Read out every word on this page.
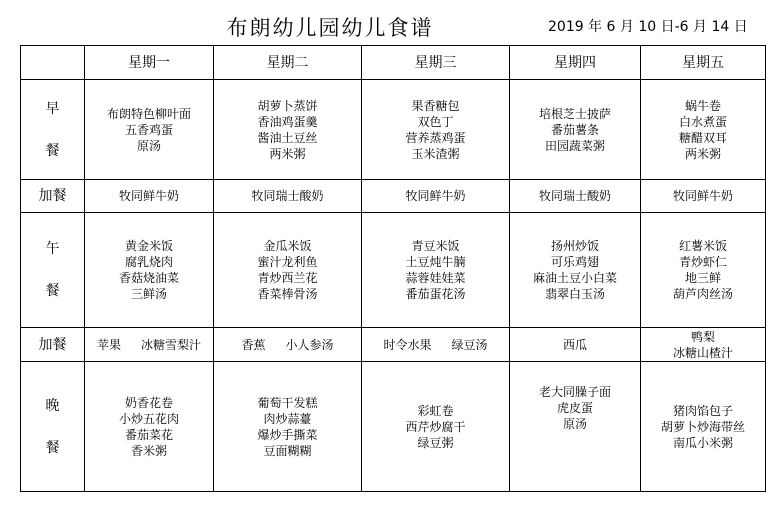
布朗幼儿园幼儿食谱	2019 年 6 月 10 日-6 月 14 日
	星期一	星期二	星期三	星期四	星期五

早
餐	布朗特色柳叶面
五香鸡蛋
原汤	胡萝卜蒸饼
香油鸡蛋羹
酱油土豆丝
两米粥	果香糖包
双色丁
营养蒸鸡蛋
玉米渣粥	培根芝士披萨
番茄薯条
田园蔬菜粥	蜗牛卷
白水煮蛋
糖醋双耳
两米粥

加餐	牧同鲜牛奶	牧同瑞士酸奶	牧同鲜牛奶	牧同瑞士酸奶	牧同鲜牛奶

午
餐	黄金米饭
腐乳烧肉
香菇烧油菜
三鲜汤	金瓜米饭
蜜汁龙利鱼
青炒西兰花
香菜棒骨汤	青豆米饭
土豆炖牛腩
蒜蓉娃娃菜
番茄蛋花汤	扬州炒饭
可乐鸡翅
麻油土豆小白菜
翡翠白玉汤	红薯米饭
青炒虾仁
地三鲜
葫芦肉丝汤

加餐	苹果 冰糖雪梨汁	香蕉 小人参汤	时令水果 绿豆汤	西瓜	鸭梨冰糖山楂汁

晚
餐	奶香花卷
小炒五花肉
番茄菜花
香米粥	葡萄干发糕
肉炒蒜薹
爆炒手撕菜
豆面糊糊	彩虹卷
西芹炒腐干
绿豆粥	老大同臊子面
虎皮蛋
原汤	猪肉馅包子
胡萝卜炒海带丝
南瓜小米粥
